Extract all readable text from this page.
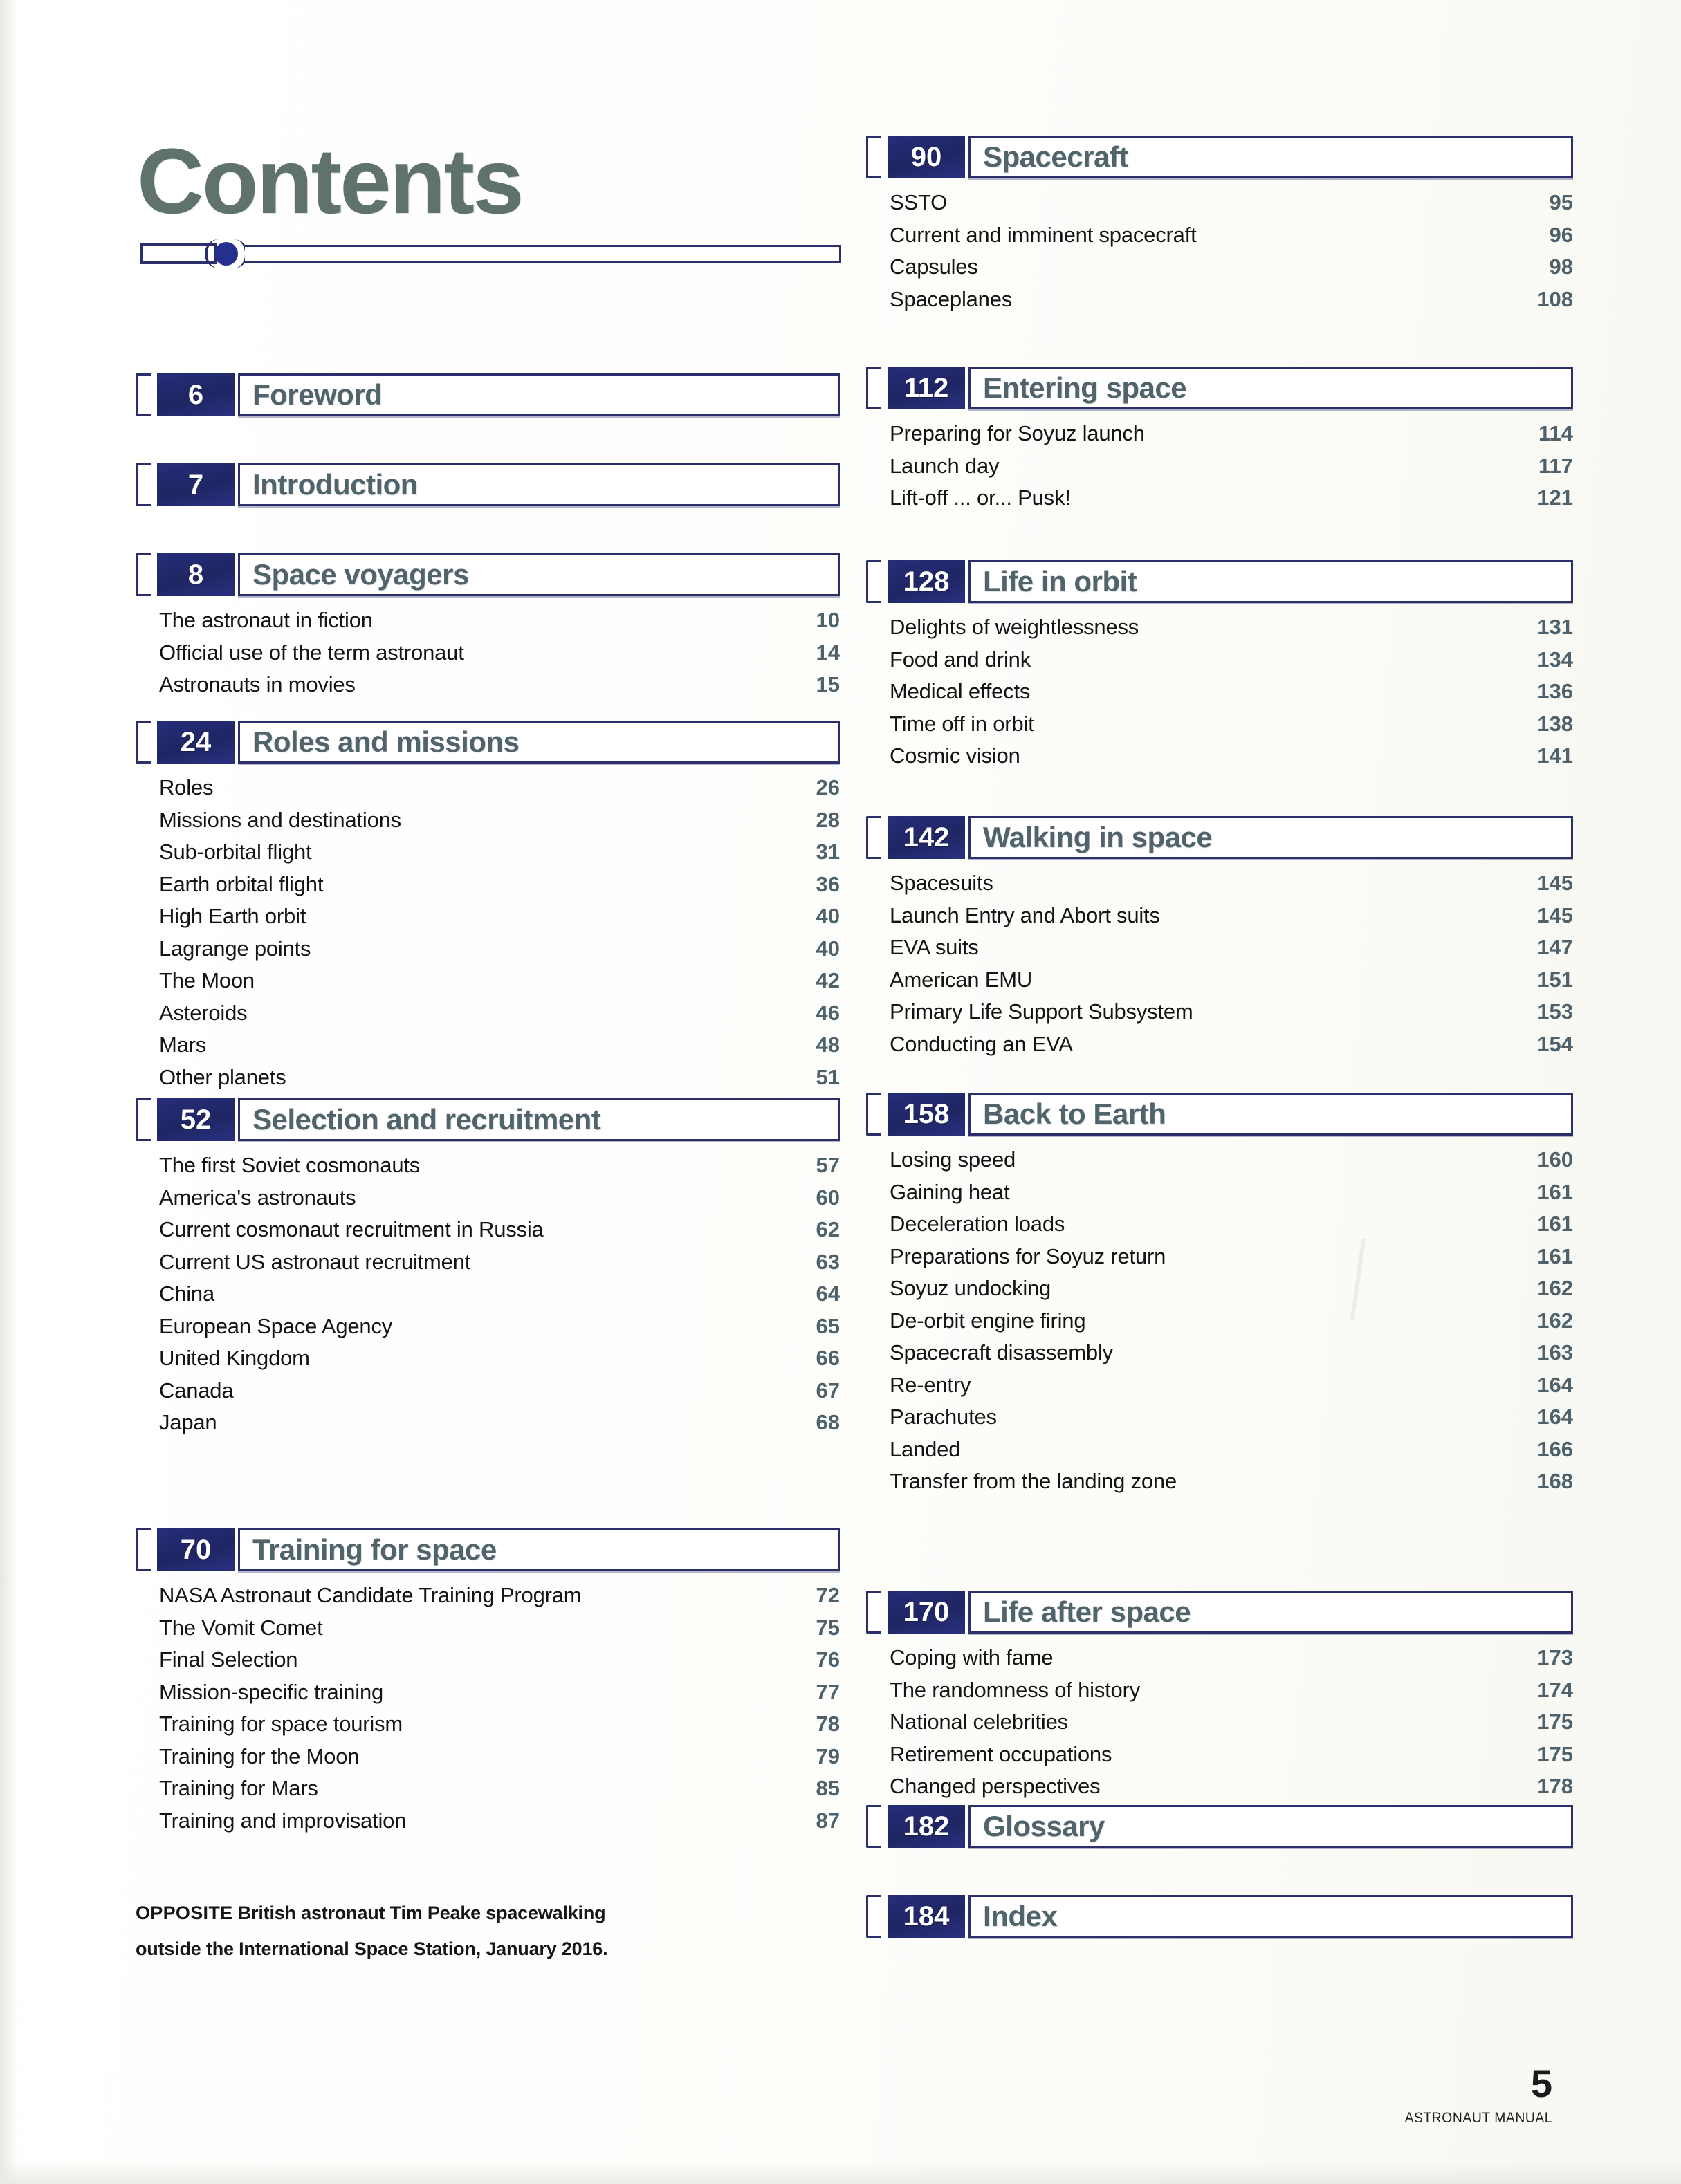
Contents
6	Foreword
7	Introduction
8	Space voyagers
The astronaut in fiction	10
Official use of the term astronaut	14
Astronauts in movies	15
24	Roles and missions
Roles	26
Missions and destinations	28
Sub-orbital flight	31
Earth orbital flight	36
High Earth orbit	40
Lagrange points	40
The Moon	42
Asteroids	46
Mars	48
Other planets	51
52	Selection and recruitment
The first Soviet cosmonauts	57
America's astronauts	60
Current cosmonaut recruitment in Russia	62
Current US astronaut recruitment	63
China	64
European Space Agency	65
United Kingdom	66
Canada	67
Japan	68
70	Training for space
NASA Astronaut Candidate Training Program	72
The Vomit Comet	75
Final Selection	76
Mission-specific training	77
Training for space tourism	78
Training for the Moon	79
Training for Mars	85
Training and improvisation	87
90	Spacecraft
SSTO	95
Current and imminent spacecraft	96
Capsules	98
Spaceplanes	108
112	Entering space
Preparing for Soyuz launch	114
Launch day	117
Lift-off ... or... Pusk!	121
128	Life in orbit
Delights of weightlessness	131
Food and drink	134
Medical effects	136
Time off in orbit	138
Cosmic vision	141
142	Walking in space
Spacesuits	145
Launch Entry and Abort suits	145
EVA suits	147
American EMU	151
Primary Life Support Subsystem	153
Conducting an EVA	154
158	Back to Earth
Losing speed	160
Gaining heat	161
Deceleration loads	161
Preparations for Soyuz return	161
Soyuz undocking	162
De-orbit engine firing	162
Spacecraft disassembly	163
Re-entry	164
Parachutes	164
Landed	166
Transfer from the landing zone	168
170	Life after space
Coping with fame	173
The randomness of history	174
National celebrities	175
Retirement occupations	175
Changed perspectives	178
182	Glossary
184	Index
OPPOSITE British astronaut Tim Peake spacewalking outside the International Space Station, January 2016.
5
ASTRONAUT MANUAL
